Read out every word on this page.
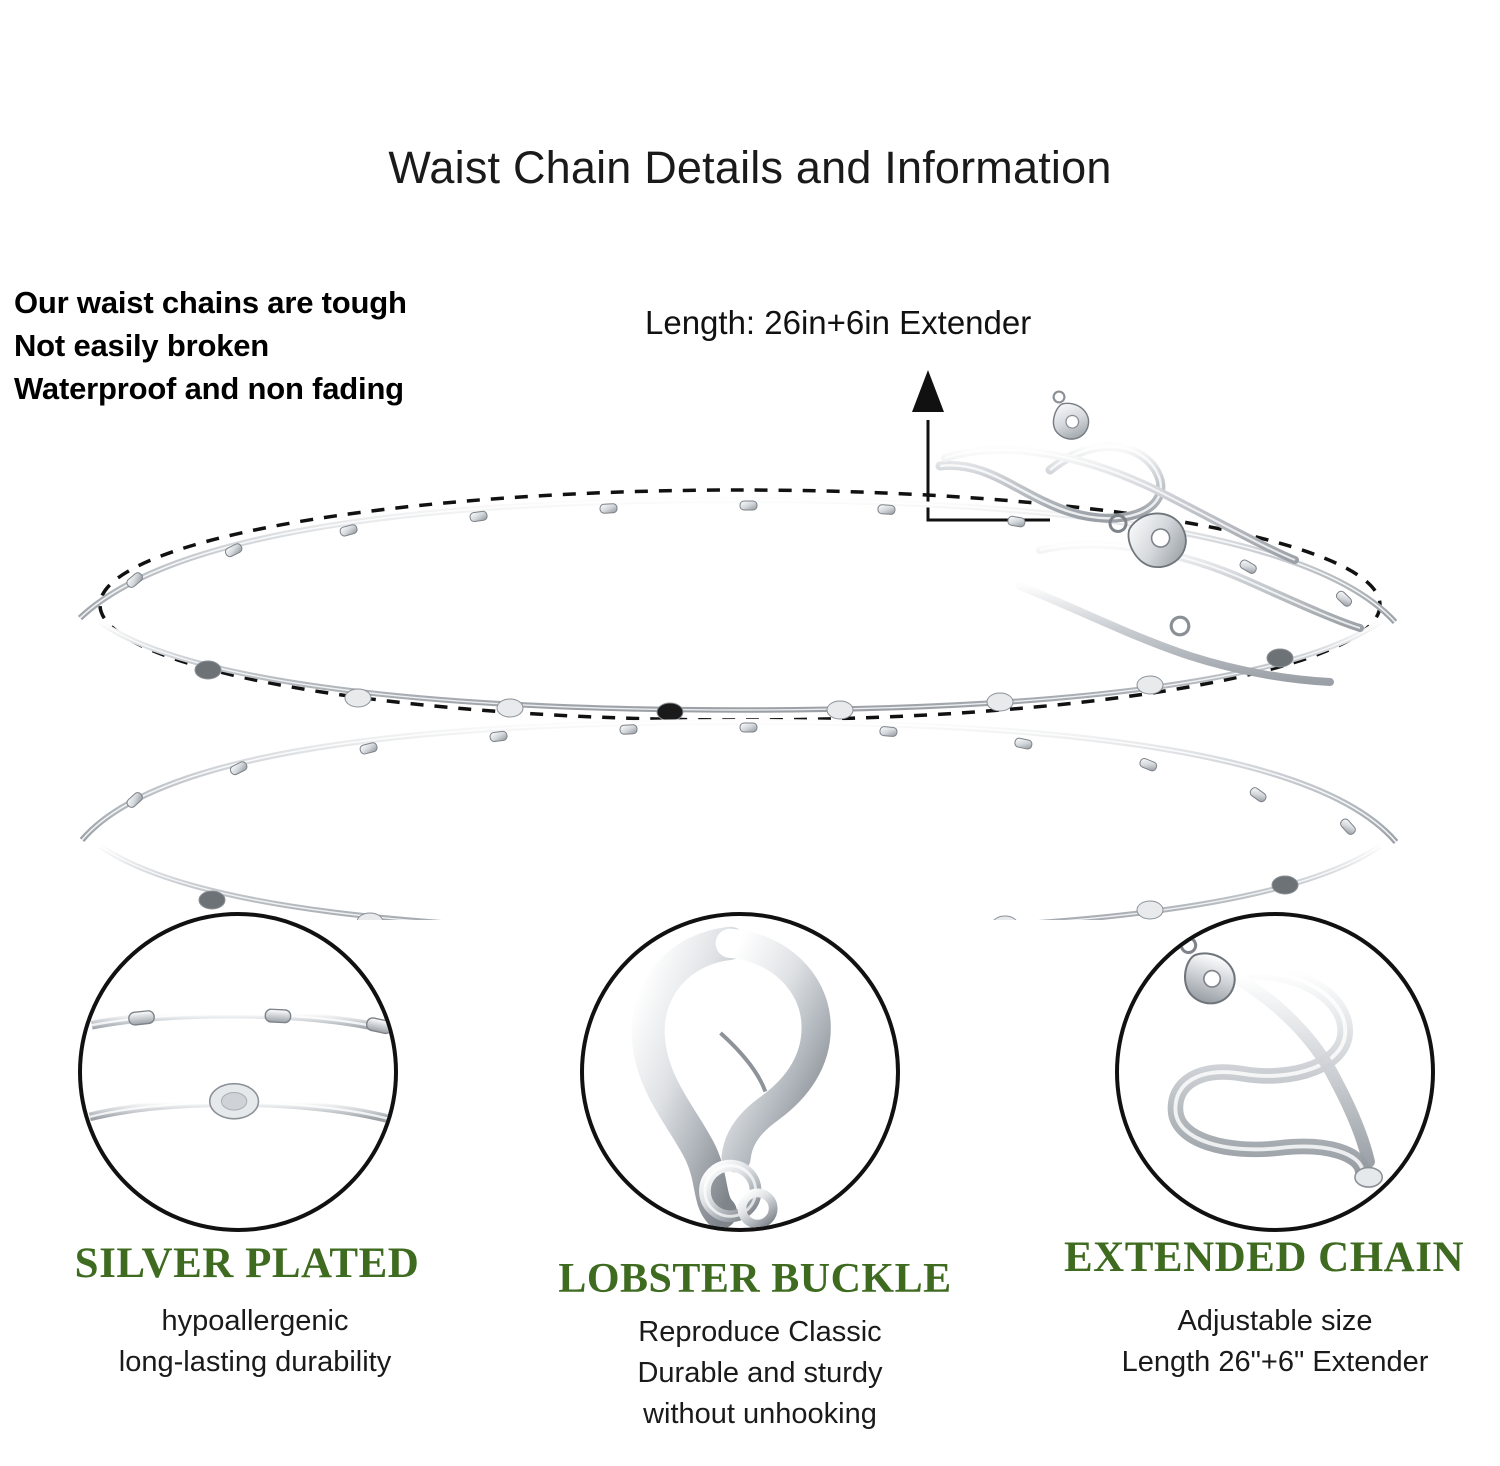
Waist Chain Details and Information
Our waist chains are tough
Not easily broken
Waterproof and non fading
Length: 26in+6in Extender
SILVER PLATED
hypoallergenic
long-lasting durability
LOBSTER BUCKLE
Reproduce Classic
Durable and sturdy
without unhooking
EXTENDED CHAIN
Adjustable size
Length 26"+6" Extender
